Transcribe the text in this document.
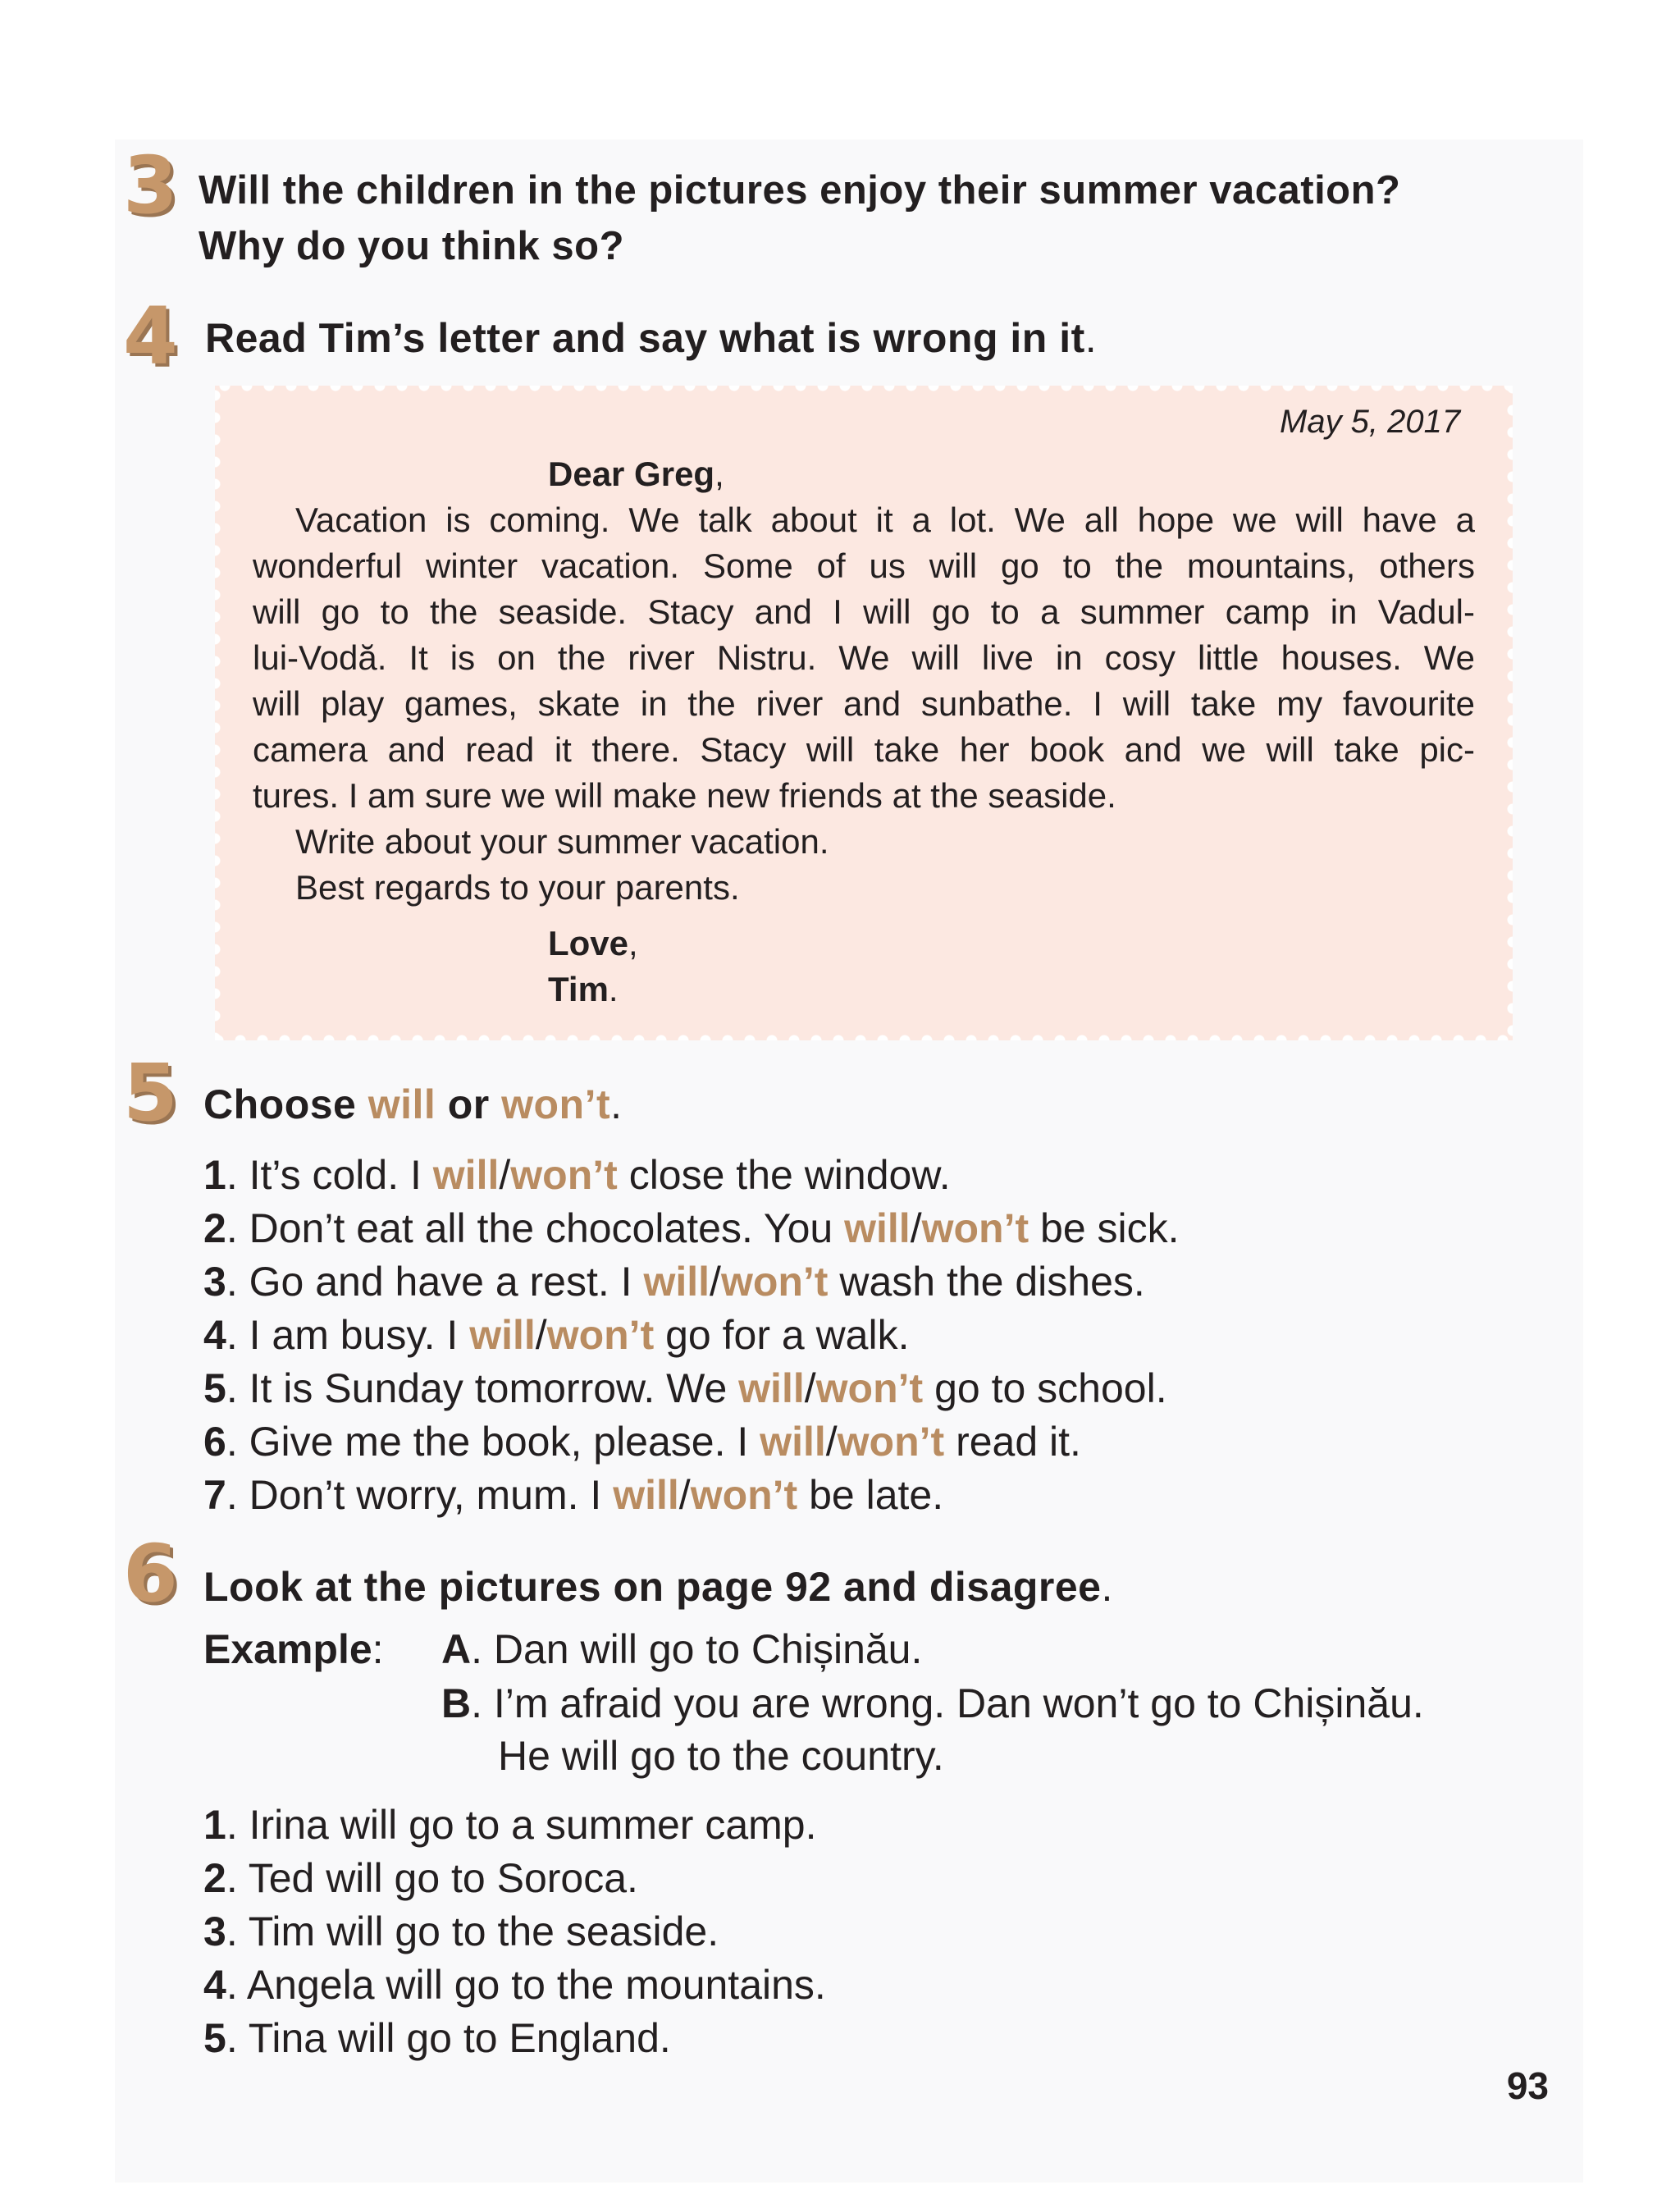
3 Will the children in the pictures enjoy their summer vacation?
Why do you think so?
4 Read Tim’s letter and say what is wrong in it.
May 5, 2017
Dear Greg,
Vacation is coming. We talk about it a lot. We all hope we will have a
wonderful winter vacation. Some of us will go to the mountains, others
will go to the seaside. Stacy and I will go to a summer camp in Vadul-
lui-Vodă. It is on the river Nistru. We will live in cosy little houses. We
will play games, skate in the river and sunbathe. I will take my favourite
camera and read it there. Stacy will take her book and we will take pic-
tures. I am sure we will make new friends at the seaside.
Write about your summer vacation.
Best regards to your parents.
Love,
Tim.
5 Choose will or won’t.
1. It’s cold. I will/won’t close the window.
2. Don’t eat all the chocolates. You will/won’t be sick.
3. Go and have a rest. I will/won’t wash the dishes.
4. I am busy. I will/won’t go for a walk.
5. It is Sunday tomorrow. We will/won’t go to school.
6. Give me the book, please. I will/won’t read it.
7. Don’t worry, mum. I will/won’t be late.
6 Look at the pictures on page 92 and disagree.
Example: A. Dan will go to Chișinău.
B. I’m afraid you are wrong. Dan won’t go to Chișinău.
He will go to the country.
1. Irina will go to a summer camp.
2. Ted will go to Soroca.
3. Tim will go to the seaside.
4. Angela will go to the mountains.
5. Tina will go to England.
93
